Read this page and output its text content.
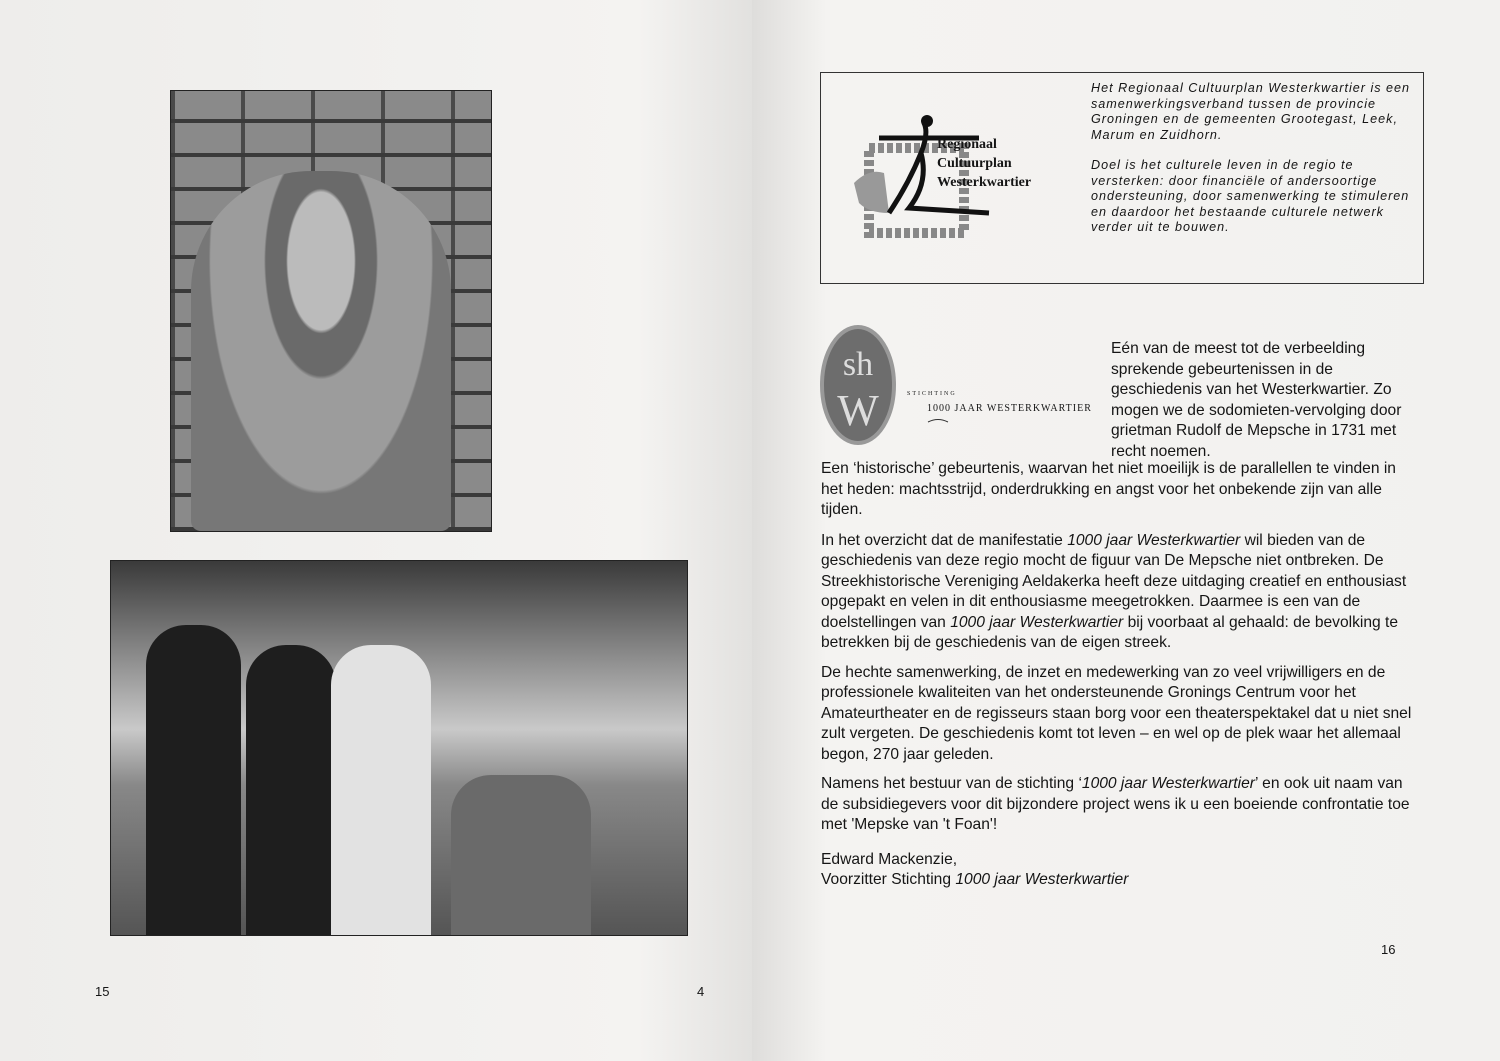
15	4
16
Regionaal Cultuurplan Westerkwartier

Het Regionaal Cultuurplan Westerkwartier is een samenwerkingsverband tussen de provincie Groningen en de gemeenten Grootegast, Leek, Marum en Zuidhorn.

Doel is het culturele leven in de regio te versterken: door financiële of andersoortige ondersteuning, door samenwerking te stimuleren en daardoor het bestaande culturele netwerk verder uit te bouwen.

sh
W	STICHTING
1000 JAAR WESTERKWARTIER

Eén van de meest tot de verbeelding sprekende gebeurtenissen in de geschiedenis van het Westerkwartier. Zo mogen we de sodomieten-vervolging door grietman Rudolf de Mepsche in 1731 met recht noemen.

Een ‘historische’ gebeurtenis, waarvan het niet moeilijk is de parallellen te vinden in het heden: machtsstrijd, onderdrukking en angst voor het onbekende zijn van alle tijden.

In het overzicht dat de manifestatie 1000 jaar Westerkwartier wil bieden van de geschiedenis van deze regio mocht de figuur van De Mepsche niet ontbreken. De Streekhistorische Vereniging Aeldakerka heeft deze uitdaging creatief en enthousiast opgepakt en velen in dit enthousiasme meegetrokken. Daarmee is een van de doelstellingen van 1000 jaar Westerkwartier bij voorbaat al gehaald: de bevolking te betrekken bij de geschiedenis van de eigen streek.

De hechte samenwerking, de inzet en medewerking van zo veel vrijwilligers en de professionele kwaliteiten van het ondersteunende Gronings Centrum voor het Amateurtheater en de regisseurs staan borg voor een theaterspektakel dat u niet snel zult vergeten. De geschiedenis komt tot leven – en wel op de plek waar het allemaal begon, 270 jaar geleden.

Namens het bestuur van de stichting ‘1000 jaar Westerkwartier’ en ook uit naam van de subsidiegevers voor dit bijzondere project wens ik u een boeiende confrontatie toe met 'Mepske van 't Foan'!

Edward Mackenzie,
Voorzitter Stichting 1000 jaar Westerkwartier
